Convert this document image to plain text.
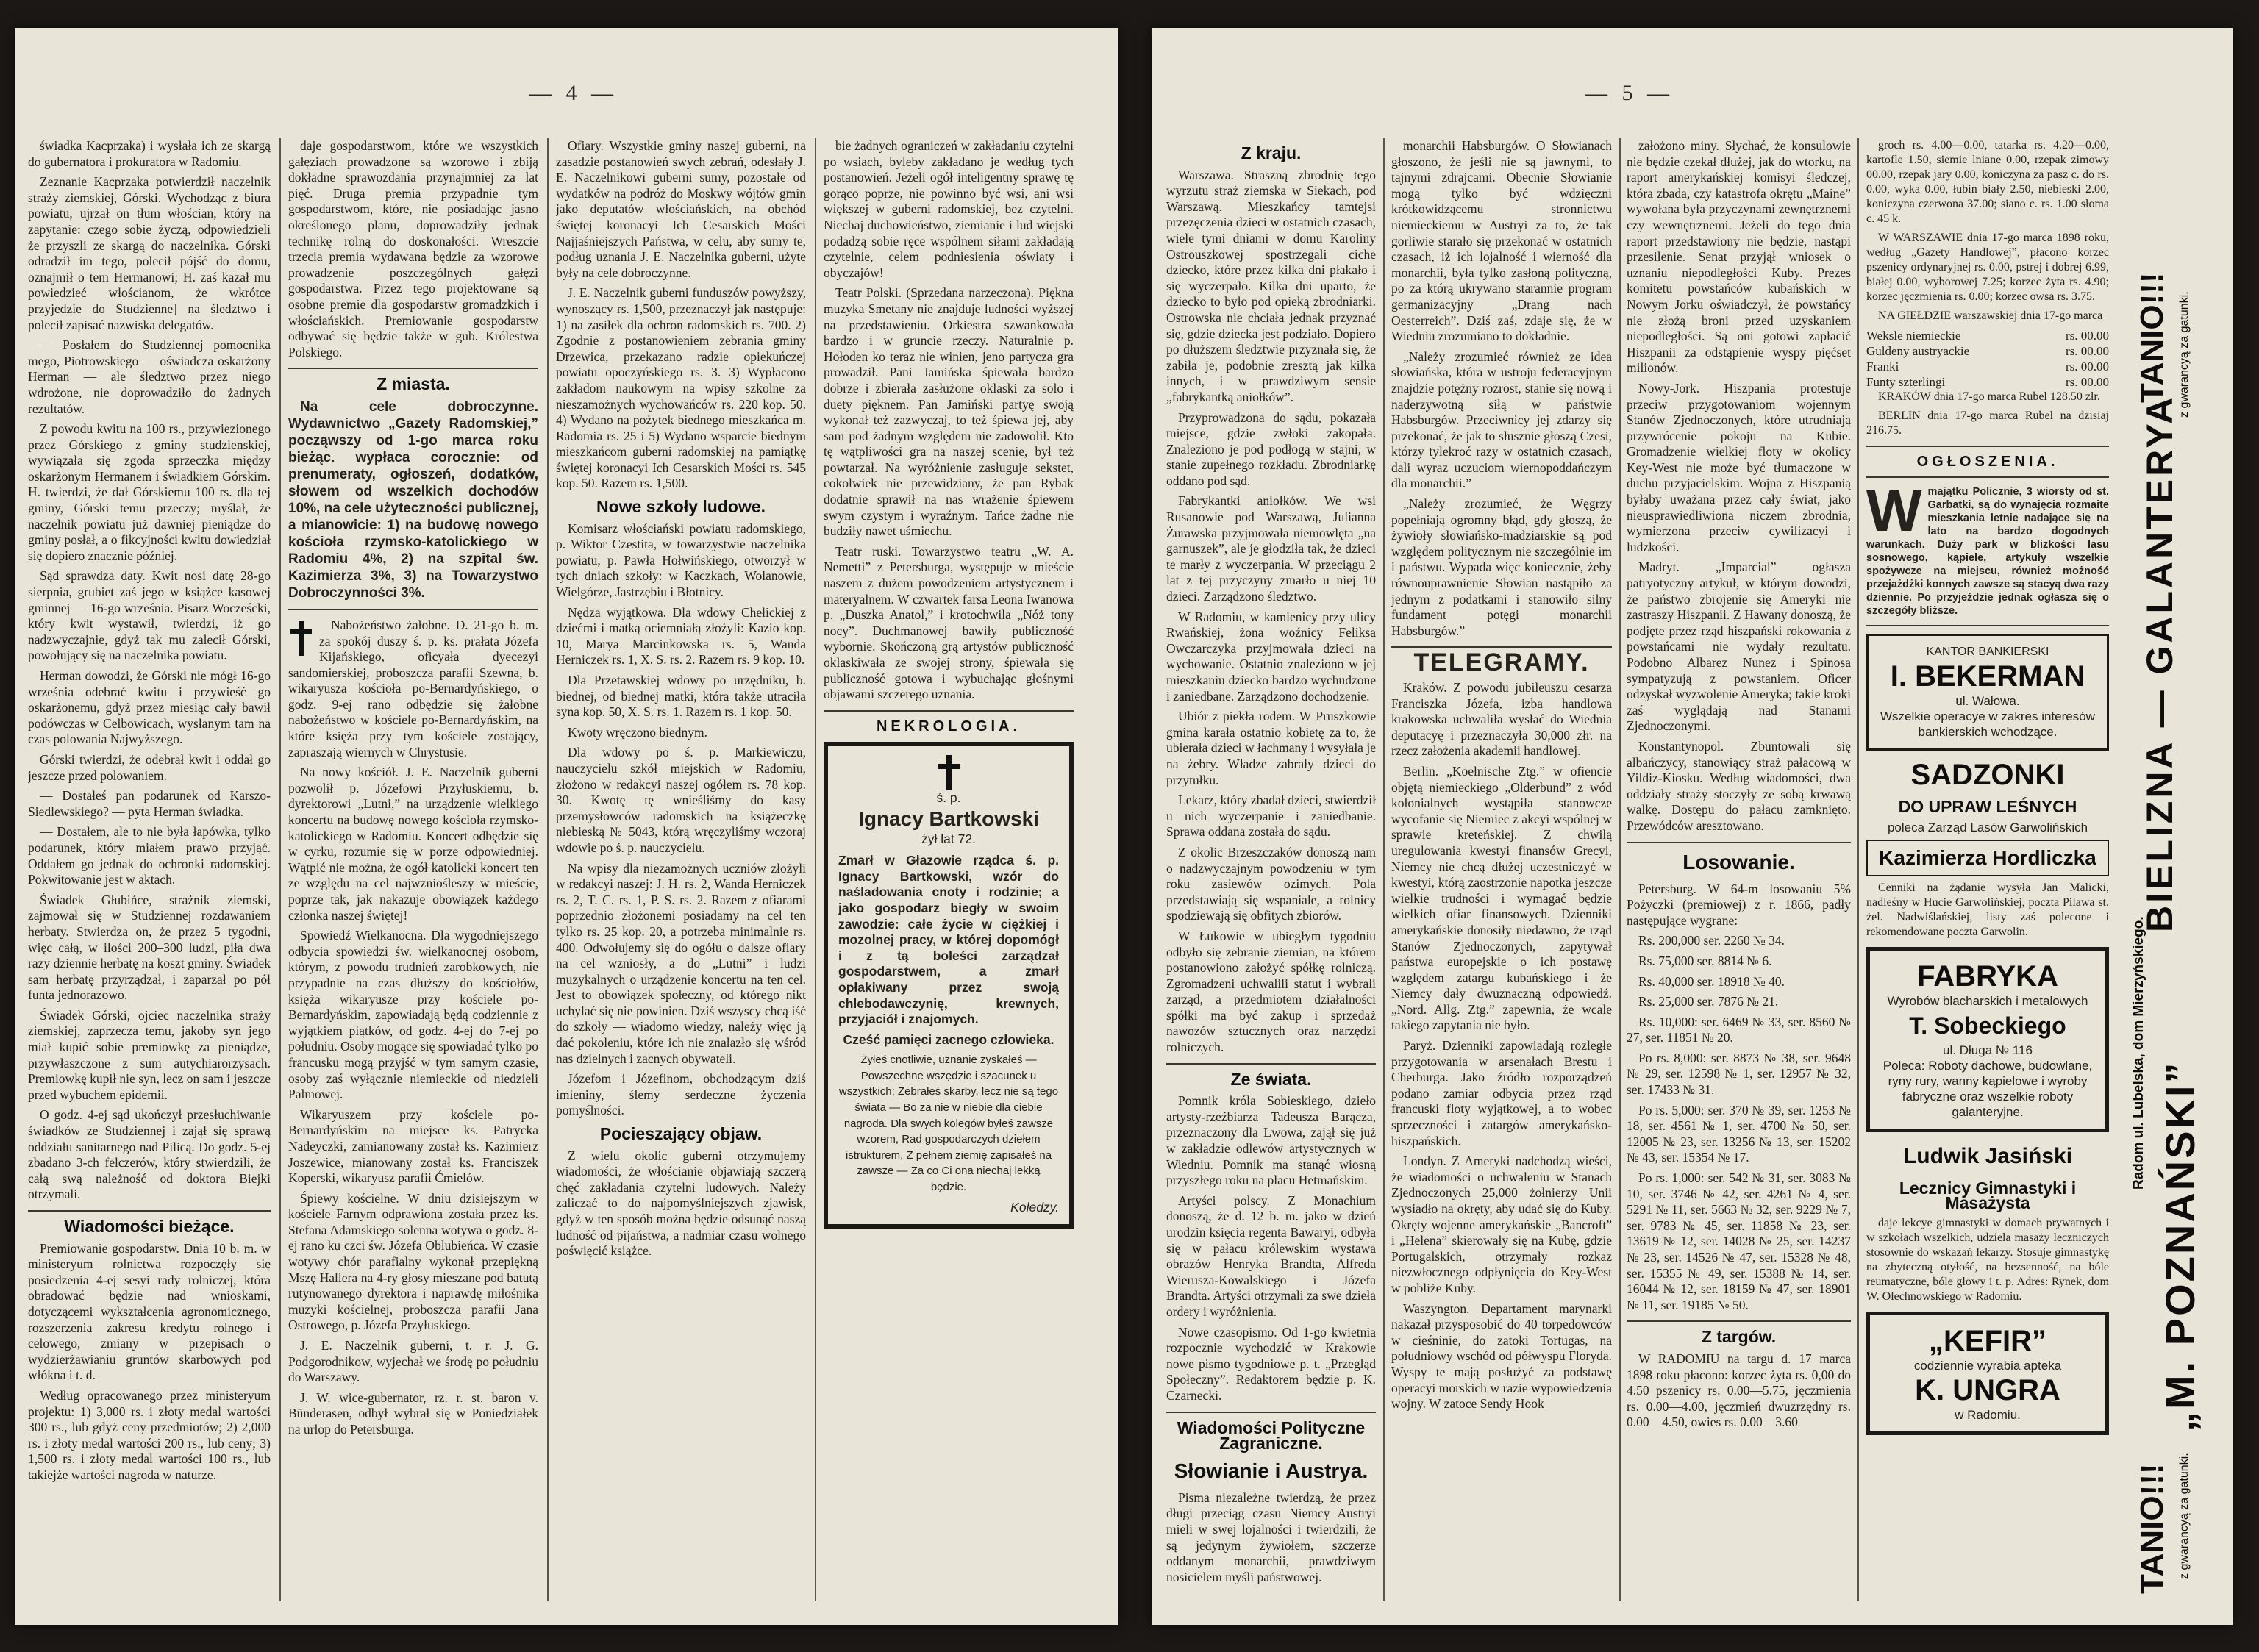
— 4 —

świadka Kacprzaka) i wysłała ich ze skargą do gubernatora i prokuratora w Radomiu.

Zeznanie Kacprzaka potwierdził naczelnik straży ziemskiej, Górski. Wychodząc z biura powiatu, ujrzał on tłum włościan, który na zapytanie: czego sobie życzą, odpowiedzieli że przyszli ze skargą do naczelnika. Górski odradził im tego, polecił pójść do domu, oznajmił o tem Hermanowi; H. zaś kazał mu powiedzieć włościanom, że wkrótce przyjedzie do Studzienne] na śledztwo i polecił zapisać nazwiska delegatów.

— Posłałem do Studziennej pomocnika mego, Piotrowskiego — oświadcza oskarżony Herman — ale śledztwo przez niego wdrożone, nie doprowadziło do żadnych rezultatów.

Z powodu kwitu na 100 rs., przywiezionego przez Górskiego z gminy studzienskiej, wywiązała się zgoda sprzeczka między oskarżonym Hermanem i świadkiem Górskim. H. twierdzi, że dał Górskiemu 100 rs. dla tej gminy, Górski temu przeczy; myślał, że naczelnik powiatu już dawniej pieniądze do gminy posłał, a o fikcyjności kwitu dowiedział się dopiero znacznie później.

Sąd sprawdza daty. Kwit nosi datę 28-go sierpnia, grubiet zaś jego w książce kasowej gminnej — 16-go września. Pisarz Wocześcki, który kwit wystawił, twierdzi, iż go nadzwyczajnie, gdyż tak mu zalecił Górski, powołujący się na naczelnika powiatu.

Herman dowodzi, że Górski nie mógł 16-go września odebrać kwitu i przywieść go oskarżonemu, gdyż przez miesiąc cały bawił podówczas w Celbowicach, wysłanym tam na czas polowania Najwyższego.

Górski twierdzi, że odebrał kwit i oddał go jeszcze przed polowaniem.

— Dostałeś pan podarunek od Karszo-Siedlewskiego? — pyta Herman świadka.

— Dostałem, ale to nie była łapówka, tylko podarunek, który miałem prawo przyjąć. Oddałem go jednak do ochronki radomskiej. Pokwitowanie jest w aktach.

Świadek Głubińce, strażnik ziemski, zajmował się w Studziennej rozdawaniem herbaty. Stwierdza on, że przez 5 tygodni, więc całą, w ilości 200–300 ludzi, piła dwa razy dziennie herbatę na koszt gminy. Świadek sam herbatę przyrządzał, i zaparzał po pół funta jednorazowo.

Świadek Górski, ojciec naczelnika straży ziemskiej, zaprzecza temu, jakoby syn jego miał kupić sobie premiowkę za pieniądze, przywłaszczone z sum autychiarorzysach. Premiowkę kupił nie syn, lecz on sam i jeszcze przed wybuchem epidemii.

O godz. 4-ej sąd ukończył przesłuchiwanie świadków ze Studziennej i zajął się sprawą oddziału sanitarnego nad Pilicą. Do godz. 5-ej zbadano 3-ch felczerów, który stwierdzili, że całą swą należność od doktora Biejki otrzymali.

Wiadomości bieżące.

Premiowanie gospodarstw. Dnia 10 b. m. w ministeryum rolnictwa rozpoczęły się posiedzenia 4-ej sesyi rady rolniczej, która obradować będzie nad wnioskami, dotyczącemi wykształcenia agronomicznego, rozszerzenia zakresu kredytu rolnego i celowego, zmiany w przepisach o wydzierżawianiu gruntów skarbowych pod włókna i t. d.

Według opracowanego przez ministeryum projektu: 1) 3,000 rs. i złoty medal wartości 300 rs., lub gdyż ceny przedmiotów; 2) 2,000 rs. i złoty medal wartości 200 rs., lub ceny; 3) 1,500 rs. i złoty medal wartości 100 rs., lub takiejże wartości nagroda w naturze.

daje gospodarstwom, które we wszystkich gałęziach prowadzone są wzorowo i zbiją dokładne sprawozdania przynajmniej za lat pięć. Druga premia przypadnie tym gospodarstwom, które, nie posiadając jasno określonego planu, doprowadziły jednak technikę rolną do doskonałości. Wreszcie trzecia premia wydawana będzie za wzorowe prowadzenie poszczególnych gałęzi gospodarstwa. Przez tego projektowane są osobne premie dla gospodarstw gromadzkich i włościańskich. Premiowanie gospodarstw odbywać się będzie także w gub. Królestwa Polskiego.

Z miasta.

Na cele dobroczynne. Wydawnictwo „Gazety Radomskiej,” począwszy od 1-go marca roku bieżąc. wypłaca corocznie: od prenumeraty, ogłoszeń, dodatków, słowem od wszelkich dochodów 10%, na cele użyteczności publicznej, a mianowicie: 1) na budowę nowego kościoła rzymsko-katolickiego w Radomiu 4%, 2) na szpital św. Kazimierza 3%, 3) na Towarzystwo Dobroczynności 3%.

Nabożeństwo żałobne. D. 21-go b. m. za spokój duszy ś. p. ks. prałata Józefa Kijańskiego, oficyała dyecezyi sandomierskiej, proboszcza parafii Szewna, b. wikaryusza kościoła po-Bernardyńskiego, o godz. 9-ej rano odbędzie się żałobne nabożeństwo w kościele po-Bernardyńskim, na które księża przy tym kościele zostający, zapraszają wiernych w Chrystusie.

Na nowy kościół. J. E. Naczelnik guberni pozwolił p. Józefowi Przyłuskiemu, b. dyrektorowi „Lutni,” na urządzenie wielkiego koncertu na budowę nowego kościoła rzymsko-katolickiego w Radomiu. Koncert odbędzie się w cyrku, rozumie się w porze odpowiedniej. Wątpić nie można, że ogół katolicki koncert ten ze względu na cel najwzniośleszy w mieście, poprze tak, jak nakazuje obowiązek każdego członka naszej świętej!

Spowiedź Wielkanocna. Dla wygodniejszego odbycia spowiedzi św. wielkanocnej osobom, którym, z powodu trudnień zarobkowych, nie przypadnie na czas dłuższy do kościołów, księża wikaryusze przy kościele po-Bernardyńskim, zapowiadają będą codziennie z wyjątkiem piątków, od godz. 4-ej do 7-ej po południu. Osoby mogące się spowiadać tylko po francusku mogą przyjść w tym samym czasie, osoby zaś wyłącznie niemieckie od niedzieli Palmowej.

Wikaryuszem przy kościele po-Bernardyńskim na miejsce ks. Patrycka Nadeyczki, zamianowany został ks. Kazimierz Joszewice, mianowany został ks. Franciszek Koperski, wikaryusz parafii Ćmielów.

Śpiewy kościelne. W dniu dzisiejszym w kościele Farnym odprawiona została przez ks. Stefana Adamskiego solenna wotywa o godz. 8-ej rano ku czci św. Józefa Oblubieńca. W czasie wotywy chór parafialny wykonał przepiękną Mszę Hallera na 4-ry głosy mieszane pod batutą rutynowanego dyrektora i naprawdę miłośnika muzyki kościelnej, proboszcza parafii Jana Ostrowego, p. Józefa Przyłuskiego.

J. E. Naczelnik guberni, t. r. J. G. Podgorodnikow, wyjechał we środę po południu do Warszawy.

J. W. wice-gubernator, rz. r. st. baron v. Bünderasen, odbył wybrał się w Poniedziałek na urlop do Petersburga.

Ofiary. Wszystkie gminy naszej guberni, na zasadzie postanowień swych zebrań, odesłały J. E. Naczelnikowi guberni sumy, pozostałe od wydatków na podróż do Moskwy wójtów gmin jako deputatów włościańskich, na obchód świętej koronacyi Ich Cesarskich Mości Najjaśniejszych Państwa, w celu, aby sumy te, podług uznania J. E. Naczelnika guberni, użyte były na cele dobroczynne.

J. E. Naczelnik guberni funduszów powyższy, wynoszący rs. 1,500, przeznaczył jak następuje: 1) na zasiłek dla ochron radomskich rs. 700. 2) Zgodnie z postanowieniem zebrania gminy Drzewica, przekazano radzie opiekuńczej powiatu opoczyńskiego rs. 3. 3) Wypłacono zakładom naukowym na wpisy szkolne za nieszamożnych wychowańców rs. 220 kop. 50. 4) Wydano na pożytek biednego mieszkańca m. Radomia rs. 25 i 5) Wydano wsparcie biednym mieszkańcom guberni radomskiej na pamiątkę świętej koronacyi Ich Cesarskich Mości rs. 545 kop. 50. Razem rs. 1,500.

Nowe szkoły ludowe.

Komisarz włościański powiatu radomskiego, p. Wiktor Czestita, w towarzystwie naczelnika powiatu, p. Pawła Hołwińskiego, otworzył w tych dniach szkoły: w Kaczkach, Wolanowie, Wielgórze, Jastrzębiu i Błotnicy.

Nędza wyjątkowa. Dla wdowy Chełickiej z dziećmi i matką ociemniałą złożyli: Kazio kop. 10, Marya Marcinkowska rs. 5, Wanda Herniczek rs. 1, X. S. rs. 2. Razem rs. 9 kop. 10.

Dla Przetawskiej wdowy po urzędniku, b. biednej, od biednej matki, która także utraciła syna kop. 50, X. S. rs. 1. Razem rs. 1 kop. 50.

Kwoty wręczono biednym.

Dla wdowy po ś. p. Markiewiczu, nauczycielu szkół miejskich w Radomiu, złożono w redakcyi naszej ogółem rs. 78 kop. 30. Kwotę tę wnieśliśmy do kasy przemysłowców radomskich na książeczkę niebieską № 5043, którą wręczyliśmy wczoraj wdowie po ś. p. nauczycielu.

Na wpisy dla niezamożnych uczniów złożyli w redakcyi naszej: J. H. rs. 2, Wanda Herniczek rs. 2, T. C. rs. 1, P. S. rs. 2. Razem z ofiarami poprzednio złożonemi posiadamy na cel ten tylko rs. 25 kop. 20, a potrzeba minimalnie rs. 400. Odwołujemy się do ogółu o dalsze ofiary na cel wzniosły, a do „Lutni” i ludzi muzykalnych o urządzenie koncertu na ten cel. Jest to obowiązek społeczny, od którego nikt uchylać się nie powinien. Dziś wszyscy chcą iść do szkoły — wiadomo wiedzy, należy więc ją dać pokoleniu, które ich nie znalazło się wśród nas dzielnych i zacnych obywateli.

Józefom i Józefinom, obchodzącym dziś imieniny, ślemy serdeczne życzenia pomyślności.

Pocieszający objaw.

Z wielu okolic guberni otrzymujemy wiadomości, że włościanie objawiają szczerą chęć zakładania czytelni ludowych. Należy zaliczać to do najpomyślniejszych zjawisk, gdyż w ten sposób można będzie odsunąć naszą ludność od pijaństwa, a nadmiar czasu wolnego poświęcić książce.

bie żadnych ograniczeń w zakładaniu czytelni po wsiach, byleby zakładano je według tych postanowień. Jeżeli ogół inteligentny sprawę tę gorąco poprze, nie powinno być wsi, ani wsi większej w guberni radomskiej, bez czytelni. Niechaj duchowieństwo, ziemianie i lud wiejski podadzą sobie ręce wspólnem siłami zakładają czytelnie, celem podniesienia oświaty i obyczajów!

Teatr Polski. (Sprzedana narzeczona). Piękna muzyka Smetany nie znajduje ludności wyższej na przedstawieniu. Orkiestra szwankowała bardzo i w gruncie rzeczy. Naturalnie p. Hołoden ko teraz nie winien, jeno partycza gra prowadził. Pani Jamińska śpiewała bardzo dobrze i zbierała zasłużone oklaski za solo i duety pięknem. Pan Jamiński partyę swoją wykonał też zazwyczaj, to też śpiewa jej, aby sam pod żadnym względem nie zadowolił. Kto tę wątpliwości gra na naszej scenie, był też powtarzał. Na wyróżnienie zasługuje sekstet, cokolwiek nie przewidziany, że pan Rybak dodatnie sprawił na nas wrażenie śpiewem swym czystym i wyraźnym. Tańce żadne nie budziły nawet uśmiechu.

Teatr ruski. Towarzystwo teatru „W. A. Nemetti” z Petersburga, występuje w mieście naszem z dużem powodzeniem artystycznem i materyalnem. W czwartek farsa Leona Iwanowa p. „Duszka Anatol,” i krotochwila „Nóż tony nocy”. Duchmanowej bawiły publiczność wybornie. Skończoną grą artystów publiczność oklaskiwała ze swojej strony, śpiewała się publiczność gotowa i wybuchając głośnymi objawami szczerego uznania.

NEKROLOGIA.
ś. p.
Ignacy Bartkowski
żył lat 72.

Zmarł w Głazowie rządca ś. p. Ignacy Bartkowski, wzór do naśladowania cnoty i rodzinie; a jako gospodarz biegły w swoim zawodzie: całe życie w ciężkiej i mozolnej pracy, w której dopomógł i z tą boleści zarządzał gospodarstwem, a zmarł opłakiwany przez swoją chlebodawczynię, krewnych, przyjaciół i znajomych.

Cześć pamięci zacnego człowieka.

Żyłeś cnotliwie, uznanie zyskałeś — Powszechne wszędzie i szacunek u wszystkich; Zebrałeś skarby, lecz nie są tego świata — Bo za nie w niebie dla ciebie nagroda. Dla swych kolegów byłeś zawsze wzorem, Rad gospodarczych dziełem istrukturem, Z pełnem ziemię zapisałeś na zawsze — Za co Ci ona niechaj lekką będzie.

Koledzy.
— 5 —
Z kraju.

Warszawa. Straszną zbrodnię tego wyrzutu straż ziemska w Siekach, pod Warszawą. Mieszkańcy tamtejsi przezęczenia dzieci w ostatnich czasach, wiele tymi dniami w domu Karoliny Ostrouszkowej spostrzegali ciche dziecko, które przez kilka dni płakało i się wyczerpało. Kilka dni uparto, że dziecko to było pod opieką zbrodniarki. Ostrowska nie chciała jednak przyznać się, gdzie dziecka jest podziało. Dopiero po dłuższem śledztwie przyznała się, że zabiła je, podobnie zresztą jak kilka innych, i w prawdziwym sensie „fabrykantką aniołków”.

Przyprowadzona do sądu, pokazała miejsce, gdzie zwłoki zakopała. Znaleziono je pod podłogą w stajni, w stanie zupełnego rozkładu. Zbrodniarkę oddano pod sąd.

Fabrykantki aniołków. We wsi Rusanowie pod Warszawą, Julianna Żurawska przyjmowała niemowlęta „na garnuszek”, ale je głodziła tak, że dzieci te marły z wyczerpania. W przeciągu 2 lat z tej przyczyny zmarło u niej 10 dzieci. Zarządzono śledztwo.

W Radomiu, w kamienicy przy ulicy Rwańskiej, żona woźnicy Feliksa Owczarczyka przyjmowała dzieci na wychowanie. Ostatnio znaleziono w jej mieszkaniu dziecko bardzo wychudzone i zaniedbane. Zarządzono dochodzenie.

Ubiór z piekła rodem. W Pruszkowie gmina karała ostatnio kobietę za to, że ubierała dzieci w łachmany i wysyłała je na żebry. Władze zabrały dzieci do przytułku.

Lekarz, który zbadał dzieci, stwierdził u nich wyczerpanie i zaniedbanie. Sprawa oddana została do sądu.

Z okolic Brzeszczaków donoszą nam o nadzwyczajnym powodzeniu w tym roku zasiewów ozimych. Pola przedstawiają się wspaniale, a rolnicy spodziewają się obfitych zbiorów.

W Łukowie w ubiegłym tygodniu odbyło się zebranie ziemian, na którem postanowiono założyć spółkę rolniczą. Zgromadzeni uchwalili statut i wybrali zarząd, a przedmiotem działalności spółki ma być zakup i sprzedaż nawozów sztucznych oraz narzędzi rolniczych.

Ze świata.

Pomnik króla Sobieskiego, dzieło artysty-rzeźbiarza Tadeusza Barącza, przeznaczony dla Lwowa, zajął się już w zakładzie odlewów artystycznych w Wiedniu. Pomnik ma stanąć wiosną przyszłego roku na placu Hetmańskim.

Artyści polscy. Z Monachium donoszą, że d. 12 b. m. jako w dzień urodzin księcia regenta Bawaryi, odbyła się w pałacu królewskim wystawa obrazów Henryka Brandta, Alfreda Wierusza-Kowalskiego i Józefa Brandta. Artyści otrzymali za swe dzieła ordery i wyróżnienia.

Nowe czasopismo. Od 1-go kwietnia rozpocznie wychodzić w Krakowie nowe pismo tygodniowe p. t. „Przegląd Społeczny”. Redaktorem będzie p. K. Czarnecki.

Wiadomości Polityczne Zagraniczne.
Słowianie i Austrya.

Pisma niezależne twierdzą, że przez długi przeciąg czasu Niemcy Austryi mieli w swej lojalności i twierdzili, że są jedynym żywiołem, szczerze oddanym monarchii, prawdziwym nosicielem myśli państwowej.

monarchii Habsburgów. O Słowianach głoszono, że jeśli nie są jawnymi, to tajnymi zdrajcami. Obecnie Słowianie mogą tylko być wdzięczni krótkowidzącemu stronnictwu niemieckiemu w Austryi za to, że tak gorliwie starało się przekonać w ostatnich czasach, iż ich lojalność i wierność dla monarchii, była tylko zasłoną polityczną, po za którą ukrywano starannie program germanizacyjny „Drang nach Oesterreich”. Dziś zaś, zdaje się, że w Wiedniu zrozumiano to dokładnie.

„Należy zrozumieć również ze idea słowiańska, która w ustroju federacyjnym znajdzie potężny rozrost, stanie się nową i naderzywotną siłą w państwie Habsburgów. Przeciwnicy jej zdarzy się przekonać, że jak to słusznie głoszą Czesi, którzy tylekroć razy w ostatnich czasach, dali wyraz uczuciom wiernopoddańczym dla monarchii.”

„Należy zrozumieć, że Węgrzy popełniają ogromny błąd, gdy głoszą, że żywioły słowiańsko-madziarskie są pod względem politycznym nie szczególnie im i państwu. Wypada więc koniecznie, żeby równouprawnienie Słowian nastąpiło za jednym z podatkami i stanowiło silny fundament potęgi monarchii Habsburgów.”

TELEGRAMY.

Kraków. Z powodu jubileuszu cesarza Franciszka Józefa, izba handlowa krakowska uchwaliła wysłać do Wiednia deputacyę i przeznaczyła 30,000 złr. na rzecz założenia akademii handlowej.

Berlin. „Koelnische Ztg.” w ofiencie objętą niemieckiego „Olderbund” z wód kołonialnych wystąpiła stanowcze wycofanie się Niemiec z akcyi wspólnej w sprawie kreteńskiej. Z chwilą uregulowania kwestyi finansów Grecyi, Niemcy nie chcą dłużej uczestniczyć w kwestyi, którą zaostrzonie napotka jeszcze wielkie trudności i wymagać będzie wielkich ofiar finansowych. Dzienniki amerykańskie donosiły niedawno, że rząd Stanów Zjednoczonych, zapytywał państwa europejskie o ich postawę względem zatargu kubańskiego i że Niemcy dały dwuznaczną odpowiedź. „Nord. Allg. Ztg.” zapewnia, że wcale takiego zapytania nie było.

Paryż. Dzienniki zapowiadają rozległe przygotowania w arsenałach Brestu i Cherburga. Jako źródło rozporządzeń podano zamiar odbycia przez rząd francuski floty wyjątkowej, a to wobec sprzeczności i zatargów amerykańsko-hiszpańskich.

Londyn. Z Ameryki nadchodzą wieści, że wiadomości o uchwaleniu w Stanach Zjednoczonych 25,000 żołnierzy Unii wysiadło na okręty, aby udać się do Kuby. Okręty wojenne amerykańskie „Bancroft” i „Helena” skierowały się na Kubę, gdzie Portugalskich, otrzymały rozkaz niezwłocznego odpłynięcia do Key-West w pobliże Kuby.

Waszyngton. Departament marynarki nakazał przysposobić do 40 torpedowców w cieśninie, do zatoki Tortugas, na południowy wschód od półwyspu Floryda. Wyspy te mają posłużyć za podstawę operacyi morskich w razie wypowiedzenia wojny. W zatoce Sendy Hook

założono miny. Słychać, że konsulowie nie będzie czekał dłużej, jak do wtorku, na raport amerykańskiej komisyi śledczej, która zbada, czy katastrofa okrętu „Maine” wywołana była przyczynami zewnętrznemi czy wewnętrznemi. Jeżeli do tego dnia raport przedstawiony nie będzie, nastąpi przesilenie. Senat przyjął wniosek o uznaniu niepodległości Kuby. Prezes komitetu powstańców kubańskich w Nowym Jorku oświadczył, że powstańcy nie złożą broni przed uzyskaniem niepodległości. Są oni gotowi zapłacić Hiszpanii za odstąpienie wyspy pięćset milionów.

Nowy-Jork. Hiszpania protestuje przeciw przygotowaniom wojennym Stanów Zjednoczonych, które utrudniają przywrócenie pokoju na Kubie. Gromadzenie wielkiej floty w okolicy Key-West nie może być tłumaczone w duchu przyjacielskim. Wojna z Hiszpanią byłaby uważana przez cały świat, jako nieusprawiedliwiona niczem zbrodnia, wymierzona przeciw cywilizacyi i ludzkości.

Madryt. „Imparcial” ogłasza patryotyczny artykuł, w którym dowodzi, że państwo zbrojenie się Ameryki nie zastraszy Hiszpanii. Z Hawany donoszą, że podjęte przez rząd hiszpański rokowania z powstańcami nie wydały rezultatu. Podobno Albarez Nunez i Spinosa sympatyzują z powstaniem. Oficer odzyskał wyzwolenie Ameryka; takie kroki zaś wyglądają nad Stanami Zjednoczonymi.

Konstantynopol. Zbuntowali się albańczycy, stanowiący straż pałacową w Yildiz-Kiosku. Według wiadomości, dwa oddziały straży stoczyły ze sobą krwawą walkę. Dostępu do pałacu zamknięto. Przewódców aresztowano.

Losowanie.

Petersburg. W 64-m losowaniu 5% Pożyczki (premiowej) z r. 1866, padły następujące wygrane:

Rs. 200,000 ser. 2260 № 34.

Rs. 75,000 ser. 8814 № 6.

Rs. 40,000 ser. 18918 № 40.

Rs. 25,000 ser. 7876 № 21.

Rs. 10,000: ser. 6469 № 33, ser. 8560 № 27, ser. 11851 № 20.

Po rs. 8,000: ser. 8873 № 38, ser. 9648 № 29, ser. 12598 № 1, ser. 12957 № 32, ser. 17433 № 31.

Po rs. 5,000: ser. 370 № 39, ser. 1253 № 18, ser. 4561 № 1, ser. 4700 № 50, ser. 12005 № 23, ser. 13256 № 13, ser. 15202 № 43, ser. 15354 № 17.

Po rs. 1,000: ser. 542 № 31, ser. 3083 № 10, ser. 3746 № 42, ser. 4261 № 4, ser. 5291 № 11, ser. 5663 № 32, ser. 9229 № 7, ser. 9783 № 45, ser. 11858 № 23, ser. 13619 № 12, ser. 14028 № 25, ser. 14237 № 23, ser. 14526 № 47, ser. 15328 № 48, ser. 15355 № 49, ser. 15388 № 14, ser. 16044 № 12, ser. 18159 № 47, ser. 18901 № 11, ser. 19185 № 50.

Z targów.

W RADOMIU na targu d. 17 marca 1898 roku płacono: korzec żyta rs. 0,00 do 4.50 pszenicy rs. 0.00—5.75, jęczmienia rs. 0.00—4.00, jęczmień dwuzrzędny rs. 0.00—4.50, owies rs. 0.00—3.60

groch rs. 4.00—0.00, tatarka rs. 4.20—0.00, kartofle 1.50, siemie lniane 0.00, rzepak zimowy 00.00, rzepak jary 0.00, koniczyna za pasz c. do rs. 0.00, wyka 0.00, łubin biały 2.50, niebieski 2.00, koniczyna czerwona 37.00; siano c. rs. 1.00 słoma c. 45 k.

W WARSZAWIE dnia 17-go marca 1898 roku, według „Gazety Handlowej”, płacono korzec pszenicy ordynaryjnej rs. 0.00, pstrej i dobrej 6.99, białej 0.00, wyborowej 7.25; korzec żyta rs. 4.90; korzec jęczmienia rs. 0.00; korzec owsa rs. 3.75.

NA GIEŁDZIE warszawskiej dnia 17-go marca

Weksle niemieckie	rs. 00.00
Guldeny austryackie	rs. 00.00
Franki	rs. 00.00
Funty szterlingi	rs. 00.00

KRAKÓW dnia 17-go marca Rubel 128.50 złr.

BERLIN dnia 17-go marca Rubel na dzisiaj 216.75.

OGŁOSZENIA.
Wmajątku Policznie, 3 wiorsty od st. Garbatki, są do wynajęcia rozmaite mieszkania letnie nadające się na lato na bardzo dogodnych warunkach. Duży park w blizkości lasu sosnowego, kąpiele, artykuły wszelkie spożywcze na miejscu, również możność przejażdżki konnych zawsze są stacyą dwa razy dziennie. Po przyjeździe jednak ogłasza się o szczegóły bliższe.
KANTOR BANKIERSKI
I. BEKERMAN
ul. Wałowa.
Wszelkie operacye w zakres interesów bankierskich wchodzące.
SADZONKI
DO UPRAW LEŚNYCH
poleca Zarząd Lasów Garwolińskich
Kazimierza Hordliczka

Cenniki na żądanie wysyła Jan Malicki, nadleśny w Hucie Garwolińskiej, poczta Pilawa st. żel. Nadwiślańskiej, listy zaś polecone i rekomendowane poczta Garwolin.

FABRYKA
Wyrobów blacharskich i metalowych
T. Sobeckiego
ul. Długa № 116
Poleca: Roboty dachowe, budowlane, ryny rury, wanny kąpielowe i wyroby fabryczne oraz wszelkie roboty galanteryjne.
Ludwik Jasiński
Lecznicy Gimnastyki i Masażysta

daje lekcye gimnastyki w domach prywatnych i w szkołach wszelkich, udziela masaży leczniczych stosownie do wskazań lekarzy. Stosuje gimnastykę na zbyteczną otyłość, na bezsenność, na bóle reumatyczne, bóle głowy i t. p. Adres: Rynek, dom W. Olechnowskiego w Radomiu.

„KEFIR”
codziennie wyrabia apteka
K. UNGRA
w Radomiu.
TANIO!!! z gwarancyą za gatunki.
BIELIZNA — GALANTERYA
Radom ul. Lubelska, dom Mierzyńskiego.
„M. POZNAŃSKI”
TANIO!!! z gwarancyą za gatunki.
